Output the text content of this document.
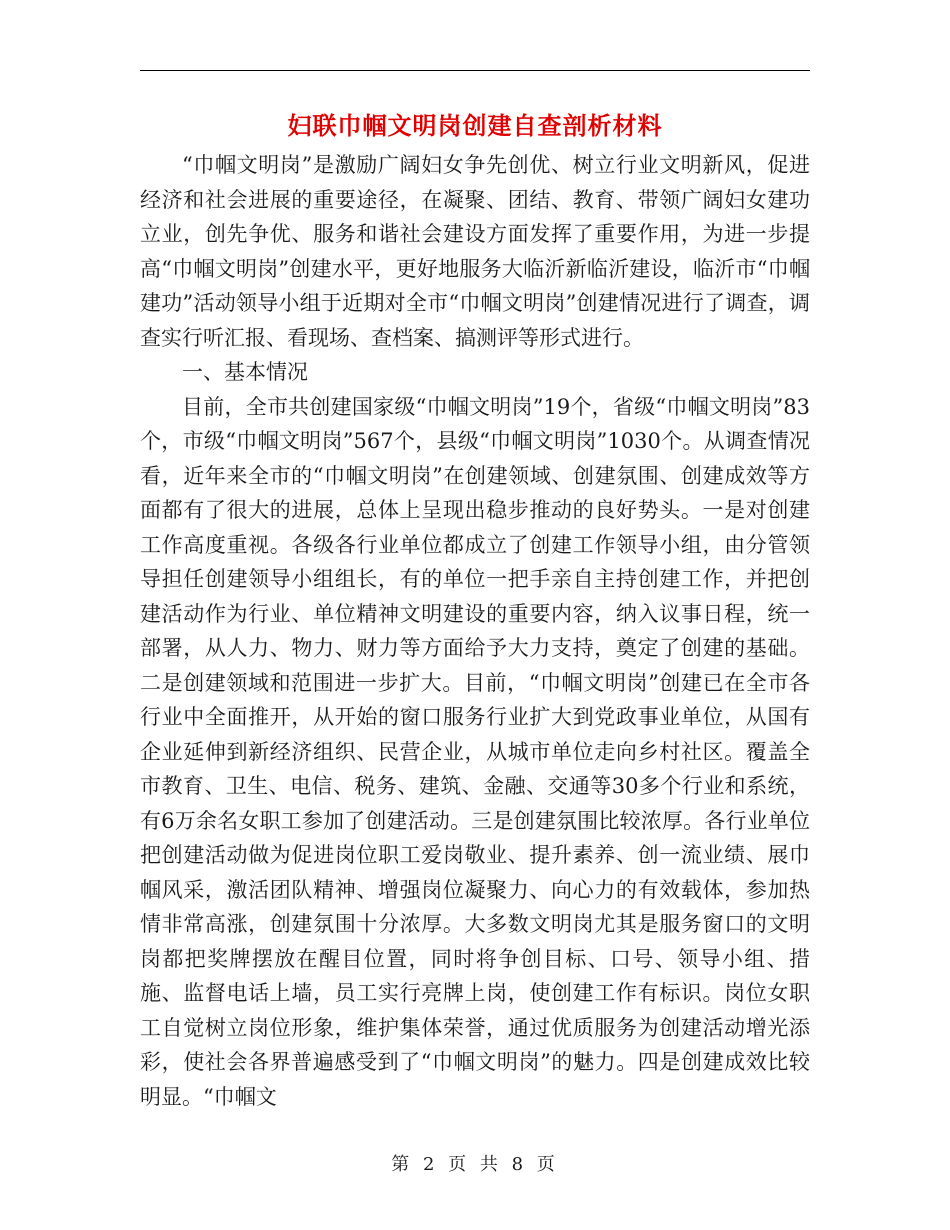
妇联巾帼文明岗创建自查剖析材料

“巾帼文明岗”是激励广阔妇女争先创优、树立行业文明新风，促进经济和社会进展的重要途径，在凝聚、团结、教育、带领广阔妇女建功立业，创先争优、服务和谐社会建设方面发挥了重要作用，为进一步提高“巾帼文明岗”创建水平，更好地服务大临沂新临沂建设，临沂市“巾帼建功”活动领导小组于近期对全市“巾帼文明岗”创建情况进行了调查，调查实行听汇报、看现场、查档案、搞测评等形式进行。

一、基本情况

目前，全市共创建国家级“巾帼文明岗”19个，省级“巾帼文明岗”83个，市级“巾帼文明岗”567个，县级“巾帼文明岗”1030个。从调查情况看，近年来全市的“巾帼文明岗”在创建领域、创建氛围、创建成效等方面都有了很大的进展，总体上呈现出稳步推动的良好势头。一是对创建工作高度重视。各级各行业单位都成立了创建工作领导小组，由分管领导担任创建领导小组组长，有的单位一把手亲自主持创建工作，并把创建活动作为行业、单位精神文明建设的重要内容，纳入议事日程，统一部署，从人力、物力、财力等方面给予大力支持，奠定了创建的基础。二是创建领域和范围进一步扩大。目前，“巾帼文明岗”创建已在全市各行业中全面推开，从开始的窗口服务行业扩大到党政事业单位，从国有企业延伸到新经济组织、民营企业，从城市单位走向乡村社区。覆盖全市教育、卫生、电信、税务、建筑、金融、交通等30多个行业和系统，有6万余名女职工参加了创建活动。三是创建氛围比较浓厚。各行业单位把创建活动做为促进岗位职工爱岗敬业、提升素养、创一流业绩、展巾帼风采，激活团队精神、增强岗位凝聚力、向心力的有效载体，参加热情非常高涨，创建氛围十分浓厚。大多数文明岗尤其是服务窗口的文明岗都把奖牌摆放在醒目位置，同时将争创目标、口号、领导小组、措施、监督电话上墙，员工实行亮牌上岗，使创建工作有标识。岗位女职工自觉树立岗位形象，维护集体荣誉，通过优质服务为创建活动增光添彩，使社会各界普遍感受到了“巾帼文明岗”的魅力。四是创建成效比较明显。“巾帼文

第 2 页 共 8 页
